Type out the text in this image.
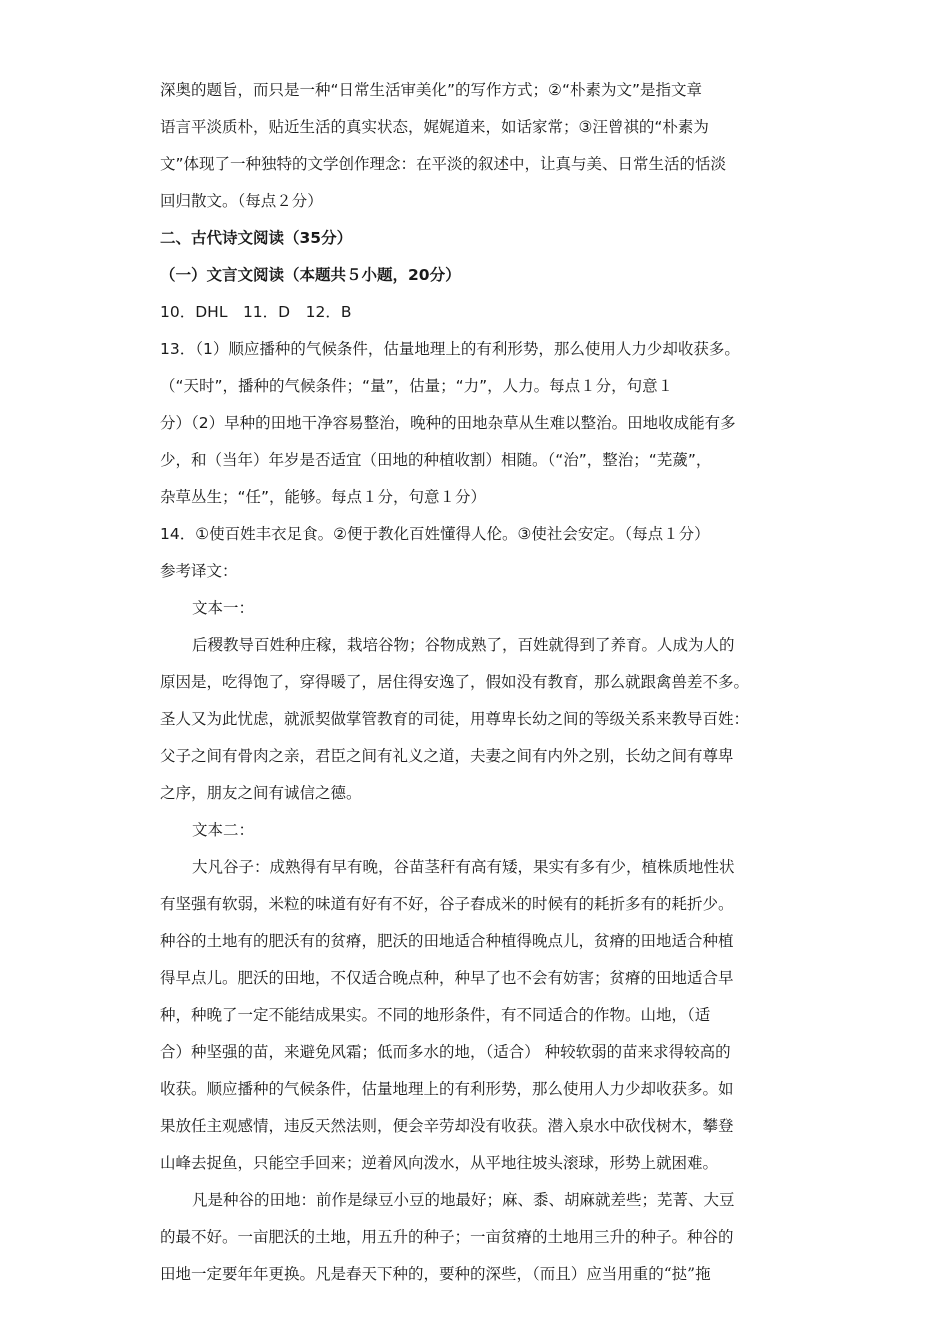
深奥的题旨，而只是一种“日常生活审美化”的写作方式；②“朴素为文”是指文章
语言平淡质朴，贴近生活的真实状态，娓娓道来，如话家常；③汪曾祺的“朴素为
文”体现了一种独特的文学创作理念：在平淡的叙述中，让真与美、日常生活的恬淡
回归散文。（每点２分）
二、古代诗文阅读（35分）
（一）文言文阅读（本题共５小题，20分）
10．DHL　11．D　12．B
13．（1）顺应播种的气候条件，估量地理上的有利形势，那么使用人力少却收获多。
（“天时”，播种的气候条件；“量”，估量；“力”，人力。每点１分，句意１
分）（2）早种的田地干净容易整治，晚种的田地杂草从生难以整治。田地收成能有多
少，和（当年）年岁是否适宜（田地的种植收割）相随。（“治”，整治；“芜薉”，
杂草丛生；“任”，能够。每点１分，句意１分）
14．①使百姓丰衣足食。②便于教化百姓懂得人伦。③使社会安定。（每点１分）
参考译文：
文本一：
后稷教导百姓种庄稼，栽培谷物；谷物成熟了，百姓就得到了养育。人成为人的
原因是，吃得饱了，穿得暖了，居住得安逸了，假如没有教育，那么就跟禽兽差不多。
圣人又为此忧虑，就派契做掌管教育的司徒，用尊卑长幼之间的等级关系来教导百姓：
父子之间有骨肉之亲，君臣之间有礼义之道，夫妻之间有内外之别，长幼之间有尊卑
之序，朋友之间有诚信之德。
文本二：
大凡谷子：成熟得有早有晚，谷苗茎秆有高有矮，果实有多有少，植株质地性状
有坚强有软弱，米粒的味道有好有不好，谷子舂成米的时候有的耗折多有的耗折少。
种谷的土地有的肥沃有的贫瘠，肥沃的田地适合种植得晚点儿，贫瘠的田地适合种植
得早点儿。肥沃的田地，不仅适合晚点种，种早了也不会有妨害；贫瘠的田地适合早
种，种晚了一定不能结成果实。不同的地形条件，有不同适合的作物。山地，（适
合）种坚强的苗，来避免风霜；低而多水的地，（适合） 种较软弱的苗来求得较高的
收获。顺应播种的气候条件，估量地理上的有利形势，那么使用人力少却收获多。如
果放任主观感情，违反天然法则，便会辛劳却没有收获。潜入泉水中砍伐树木，攀登
山峰去捉鱼，只能空手回来；逆着风向泼水，从平地往坡头滚球，形势上就困难。
凡是种谷的田地：前作是绿豆小豆的地最好；麻、黍、胡麻就差些；芜菁、大豆
的最不好。一亩肥沃的土地，用五升的种子；一亩贫瘠的土地用三升的种子。种谷的
田地一定要年年更换。凡是春天下种的，要种的深些，（而且）应当用重的“挞”拖
